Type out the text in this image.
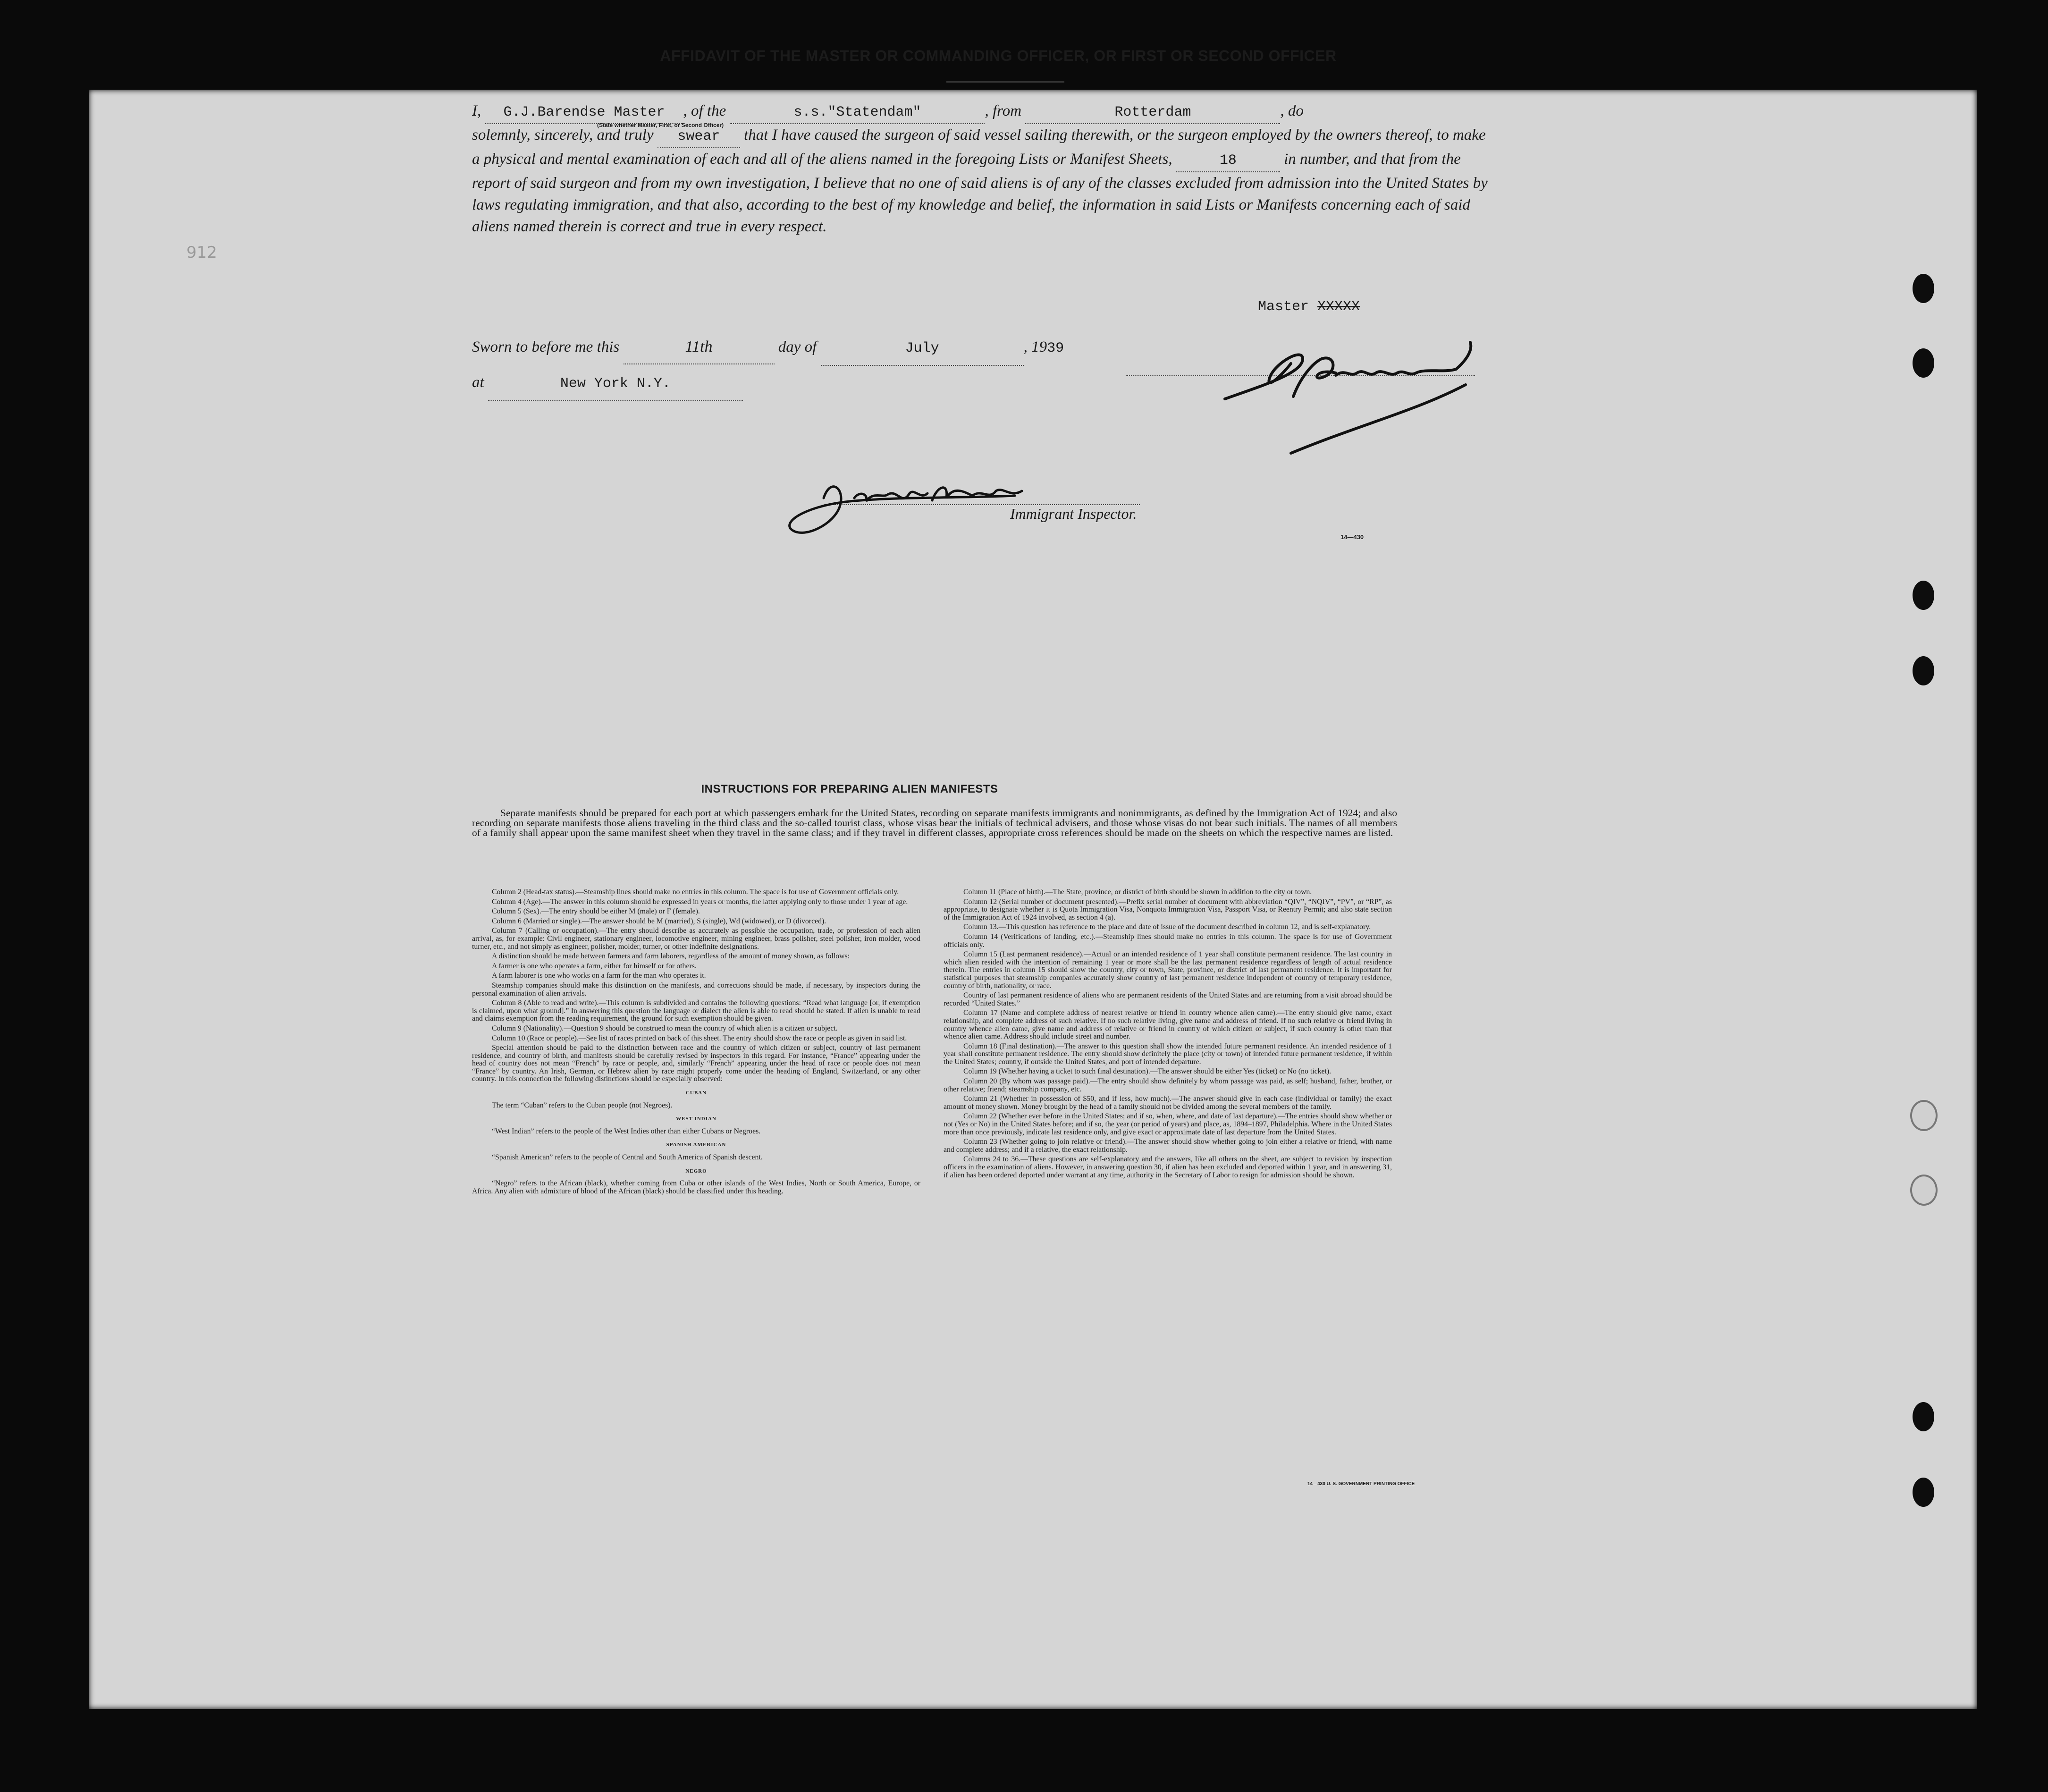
912
AFFIDAVIT OF THE MASTER OR COMMANDING OFFICER, OR FIRST OR SECOND OFFICER
I, G.J.Barendse Master , of the	s.s."Statendam"	, from	Rotterdam	, do
solemnly, sincerely, and truly swear that I have caused the surgeon of said vessel sailing therewith, or the surgeon employed by the owners thereof, to make a physical and mental examination of each and all of the aliens named in the foregoing Lists or Manifest Sheets,	18	in number, and that from the report of said surgeon and from my own investigation, I believe that no one of said aliens is of any of the classes excluded from admission into the United States by laws regulating immigration, and that also, according to the best of my knowledge and belief, the information in said Lists or Manifests concerning each of said aliens named therein is correct and true in every respect.
(State whether Master, First, or Second Officer)
Master XXXXX
Sworn to before me this	11th	day of	July	, 1939
at	New York N.Y.
Immigrant Inspector.
14—430
INSTRUCTIONS FOR PREPARING ALIEN MANIFESTS
Separate manifests should be prepared for each port at which passengers embark for the United States, recording on separate manifests immigrants and nonimmigrants, as defined by the Immigration Act of 1924; and also recording on separate manifests those aliens traveling in the third class and the so-called tourist class, whose visas bear the initials of technical advisers, and those whose visas do not bear such initials. The names of all members of a family shall appear upon the same manifest sheet when they travel in the same class; and if they travel in different classes, appropriate cross references should be made on the sheets on which the respective names are listed.

Column 2 (Head-tax status).—Steamship lines should make no entries in this column. The space is for use of Government officials only.

Column 4 (Age).—The answer in this column should be expressed in years or months, the latter applying only to those under 1 year of age.

Column 5 (Sex).—The entry should be either M (male) or F (female).

Column 6 (Married or single).—The answer should be M (married), S (single), Wd (widowed), or D (divorced).

Column 7 (Calling or occupation).—The entry should describe as accurately as possible the occupation, trade, or profession of each alien arrival, as, for example: Civil engineer, stationary engineer, locomotive engineer, mining engineer, brass polisher, steel polisher, iron molder, wood turner, etc., and not simply as engineer, polisher, molder, turner, or other indefinite designations.

A distinction should be made between farmers and farm laborers, regardless of the amount of money shown, as follows:

A farmer is one who operates a farm, either for himself or for others.

A farm laborer is one who works on a farm for the man who operates it.

Steamship companies should make this distinction on the manifests, and corrections should be made, if necessary, by inspectors during the personal examination of alien arrivals.

Column 8 (Able to read and write).—This column is subdivided and contains the following questions: “Read what language [or, if exemption is claimed, upon what ground].” In answering this question the language or dialect the alien is able to read should be stated. If alien is unable to read and claims exemption from the reading requirement, the ground for such exemption should be given.

Column 9 (Nationality).—Question 9 should be construed to mean the country of which alien is a citizen or subject.

Column 10 (Race or people).—See list of races printed on back of this sheet. The entry should show the race or people as given in said list.

Special attention should be paid to the distinction between race and the country of which citizen or subject, country of last permanent residence, and country of birth, and manifests should be carefully revised by inspectors in this regard. For instance, “France” appearing under the head of country does not mean “French” by race or people, and, similarly “French” appearing under the head of race or people does not mean “France” by country. An Irish, German, or Hebrew alien by race might properly come under the heading of England, Switzerland, or any other country. In this connection the following distinctions should be especially observed:

CUBAN

The term “Cuban” refers to the Cuban people (not Negroes).

WEST INDIAN

“West Indian” refers to the people of the West Indies other than either Cubans or Negroes.

SPANISH AMERICAN

“Spanish American” refers to the people of Central and South America of Spanish descent.

NEGRO

“Negro” refers to the African (black), whether coming from Cuba or other islands of the West Indies, North or South America, Europe, or Africa. Any alien with admixture of blood of the African (black) should be classified under this heading.

Column 11 (Place of birth).—The State, province, or district of birth should be shown in addition to the city or town.

Column 12 (Serial number of document presented).—Prefix serial number of document with abbreviation “QIV”, “NQIV”, “PV”, or “RP”, as appropriate, to designate whether it is Quota Immigration Visa, Nonquota Immigration Visa, Passport Visa, or Reentry Permit; and also state section of the Immigration Act of 1924 involved, as section 4 (a).

Column 13.—This question has reference to the place and date of issue of the document described in column 12, and is self-explanatory.

Column 14 (Verifications of landing, etc.).—Steamship lines should make no entries in this column. The space is for use of Government officials only.

Column 15 (Last permanent residence).—Actual or an intended residence of 1 year shall constitute permanent residence. The last country in which alien resided with the intention of remaining 1 year or more shall be the last permanent residence regardless of length of actual residence therein. The entries in column 15 should show the country, city or town, State, province, or district of last permanent residence. It is important for statistical purposes that steamship companies accurately show country of last permanent residence independent of country of temporary residence, country of birth, nationality, or race.

Country of last permanent residence of aliens who are permanent residents of the United States and are returning from a visit abroad should be recorded “United States.”

Column 17 (Name and complete address of nearest relative or friend in country whence alien came).—The entry should give name, exact relationship, and complete address of such relative. If no such relative living, give name and address of friend. If no such relative or friend living in country whence alien came, give name and address of relative or friend in country of which citizen or subject, if such country is other than that whence alien came. Address should include street and number.

Column 18 (Final destination).—The answer to this question shall show the intended future permanent residence. An intended residence of 1 year shall constitute permanent residence. The entry should show definitely the place (city or town) of intended future permanent residence, if within the United States; country, if outside the United States, and port of intended departure.

Column 19 (Whether having a ticket to such final destination).—The answer should be either Yes (ticket) or No (no ticket).

Column 20 (By whom was passage paid).—The entry should show definitely by whom passage was paid, as self; husband, father, brother, or other relative; friend; steamship company, etc.

Column 21 (Whether in possession of $50, and if less, how much).—The answer should give in each case (individual or family) the exact amount of money shown. Money brought by the head of a family should not be divided among the several members of the family.

Column 22 (Whether ever before in the United States; and if so, when, where, and date of last departure).—The entries should show whether or not (Yes or No) in the United States before; and if so, the year (or period of years) and place, as, 1894–1897, Philadelphia. Where in the United States more than once previously, indicate last residence only, and give exact or approximate date of last departure from the United States.

Column 23 (Whether going to join relative or friend).—The answer should show whether going to join either a relative or friend, with name and complete address; and if a relative, the exact relationship.

Columns 24 to 36.—These questions are self-explanatory and the answers, like all others on the sheet, are subject to revision by inspection officers in the examination of aliens. However, in answering question 30, if alien has been excluded and deported within 1 year, and in answering 31, if alien has been ordered deported under warrant at any time, authority in the Secretary of Labor to resign for admission should be shown.

14—430 U. S. GOVERNMENT PRINTING OFFICE
